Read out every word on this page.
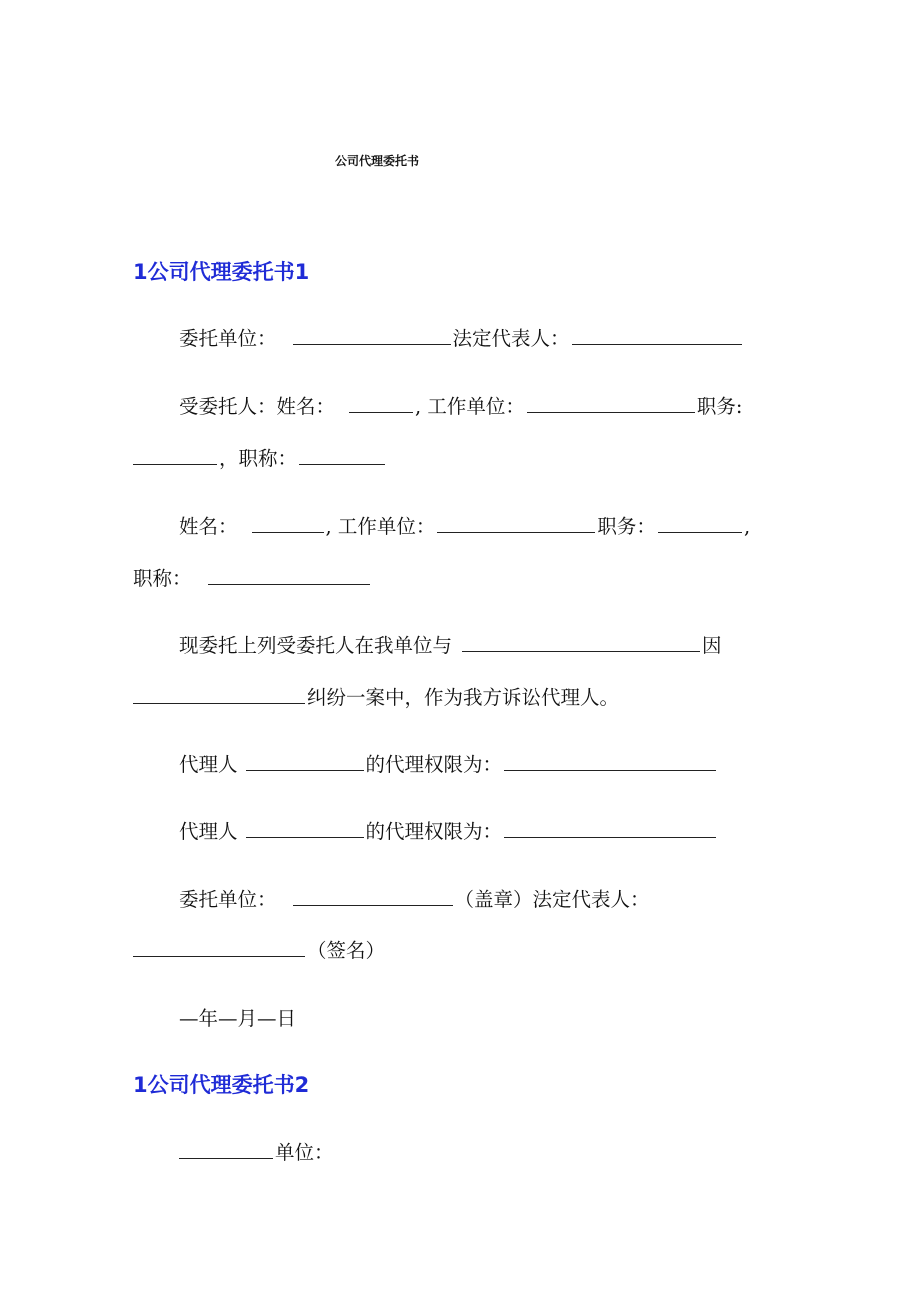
公司代理委托书
1公司代理委托书1
委托单位：	法定代表人：
受委托人：姓名：	, 工作单位：	职务:
，职称：
姓名：	, 工作单位：	职务：	,
职称：
现委托上列受委托人在我单位与	因
纠纷一案中，作为我方诉讼代理人。
代理人	的代理权限为：
代理人	的代理权限为：
委托单位：	（盖章）法定代表人：
（签名）
—年—月—日
1公司代理委托书2
单位：
